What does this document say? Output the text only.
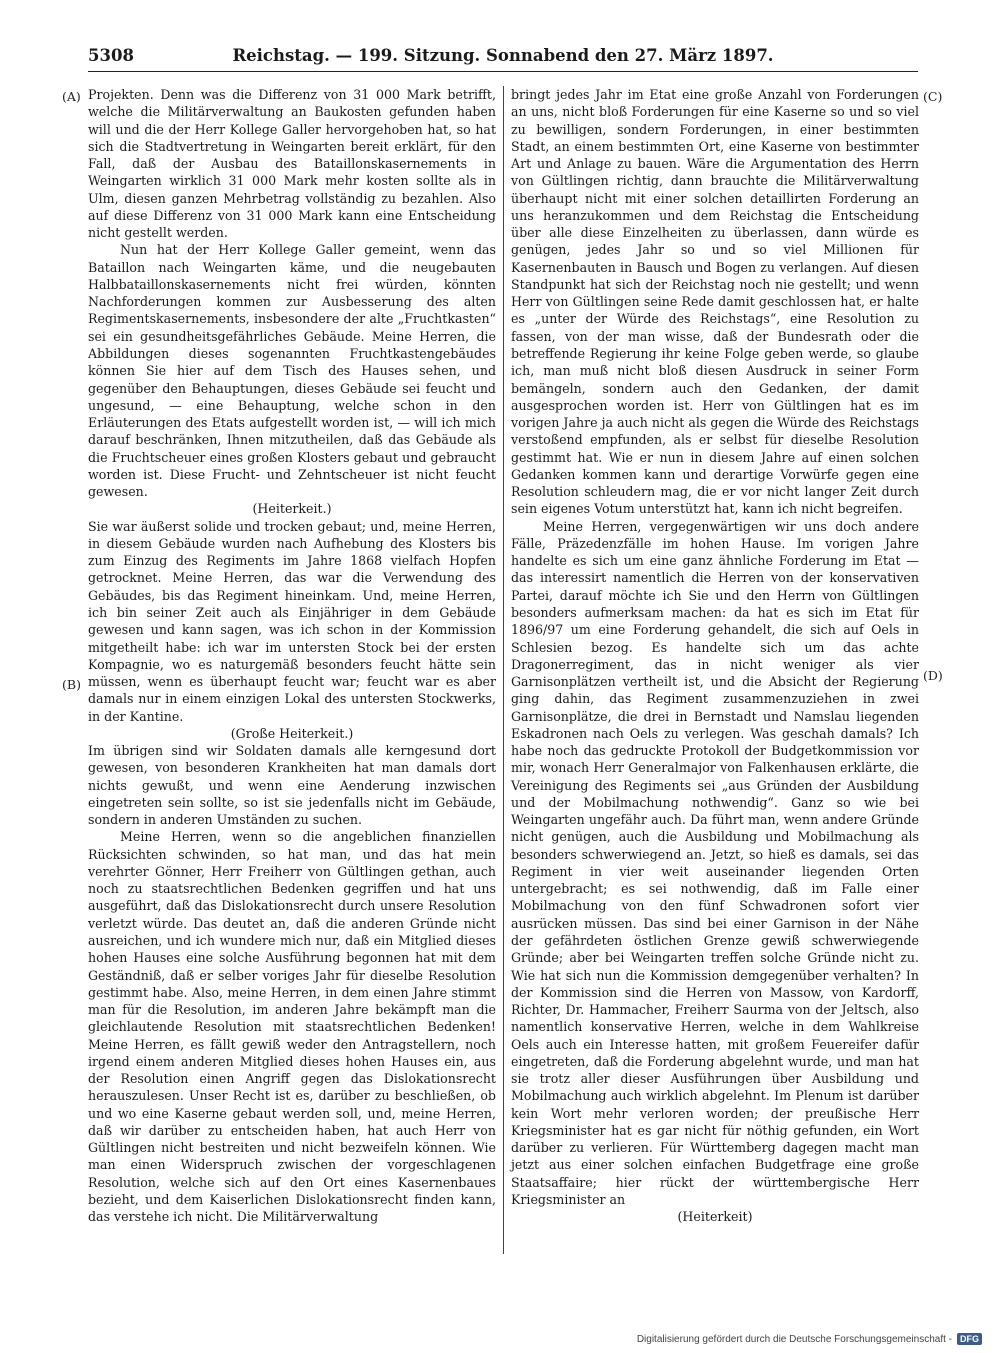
5308	Reichstag. — 199. Sitzung. Sonnabend den 27. März 1897.
(A)
(B)
(C)
(D)

Projekten. Denn was die Differenz von 31 000 Mark betrifft, welche die Militärverwaltung an Baukosten gefunden haben will und die der Herr Kollege Galler hervorgehoben hat, so hat sich die Stadtvertretung in Weingarten bereit erklärt, für den Fall, daß der Ausbau des Bataillonskasernements in Weingarten wirklich 31 000 Mark mehr kosten sollte als in Ulm, diesen ganzen Mehrbetrag vollständig zu bezahlen. Also auf diese Differenz von 31 000 Mark kann eine Entscheidung nicht gestellt werden.

Nun hat der Herr Kollege Galler gemeint, wenn das Bataillon nach Weingarten käme, und die neugebauten Halbbataillonskasernements nicht frei würden, könnten Nachforderungen kommen zur Ausbesserung des alten Regimentskasernements, insbesondere der alte „Fruchtkasten“ sei ein gesundheitsgefährliches Gebäude. Meine Herren, die Abbildungen dieses sogenannten Fruchtkastengebäudes können Sie hier auf dem Tisch des Hauses sehen, und gegenüber den Behauptungen, dieses Gebäude sei feucht und ungesund, — eine Behauptung, welche schon in den Erläuterungen des Etats aufgestellt worden ist, — will ich mich darauf beschränken, Ihnen mitzutheilen, daß das Gebäude als die Fruchtscheuer eines großen Klosters gebaut und gebraucht worden ist. Diese Frucht- und Zehntscheuer ist nicht feucht gewesen.

(Heiterkeit.)

Sie war äußerst solide und trocken gebaut; und, meine Herren, in diesem Gebäude wurden nach Aufhebung des Klosters bis zum Einzug des Regiments im Jahre 1868 vielfach Hopfen getrocknet. Meine Herren, das war die Verwendung des Gebäudes, bis das Regiment hineinkam. Und, meine Herren, ich bin seiner Zeit auch als Einjähriger in dem Gebäude gewesen und kann sagen, was ich schon in der Kommission mitgetheilt habe: ich war im untersten Stock bei der ersten Kompagnie, wo es naturgemäß besonders feucht hätte sein müssen, wenn es überhaupt feucht war; feucht war es aber damals nur in einem einzigen Lokal des untersten Stockwerks, in der Kantine.

(Große Heiterkeit.)

Im übrigen sind wir Soldaten damals alle kerngesund dort gewesen, von besonderen Krankheiten hat man damals dort nichts gewußt, und wenn eine Aenderung inzwischen eingetreten sein sollte, so ist sie jedenfalls nicht im Gebäude, sondern in anderen Umständen zu suchen.

Meine Herren, wenn so die angeblichen finanziellen Rücksichten schwinden, so hat man, und das hat mein verehrter Gönner, Herr Freiherr von Gültlingen gethan, auch noch zu staatsrechtlichen Bedenken gegriffen und hat uns ausgeführt, daß das Dislokationsrecht durch unsere Resolution verletzt würde. Das deutet an, daß die anderen Gründe nicht ausreichen, und ich wundere mich nur, daß ein Mitglied dieses hohen Hauses eine solche Ausführung begonnen hat mit dem Geständniß, daß er selber voriges Jahr für dieselbe Resolution gestimmt habe. Also, meine Herren, in dem einen Jahre stimmt man für die Resolution, im anderen Jahre bekämpft man die gleichlautende Resolution mit staatsrechtlichen Bedenken! Meine Herren, es fällt gewiß weder den Antragstellern, noch irgend einem anderen Mitglied dieses hohen Hauses ein, aus der Resolution einen Angriff gegen das Dislokationsrecht herauszulesen. Unser Recht ist es, darüber zu beschließen, ob und wo eine Kaserne gebaut werden soll, und, meine Herren, daß wir darüber zu entscheiden haben, hat auch Herr von Gültlingen nicht bestreiten und nicht bezweifeln können. Wie man einen Widerspruch zwischen der vorgeschlagenen Resolution, welche sich auf den Ort eines Kasernenbaues bezieht, und dem Kaiserlichen Dislokationsrecht finden kann, das verstehe ich nicht. Die Militärverwaltung

bringt jedes Jahr im Etat eine große Anzahl von Forderungen an uns, nicht bloß Forderungen für eine Kaserne so und so viel zu bewilligen, sondern Forderungen, in einer bestimmten Stadt, an einem bestimmten Ort, eine Kaserne von bestimmter Art und Anlage zu bauen. Wäre die Argumentation des Herrn von Gültlingen richtig, dann brauchte die Militärverwaltung überhaupt nicht mit einer solchen detaillirten Forderung an uns heranzukommen und dem Reichstag die Entscheidung über alle diese Einzelheiten zu überlassen, dann würde es genügen, jedes Jahr so und so viel Millionen für Kasernenbauten in Bausch und Bogen zu verlangen. Auf diesen Standpunkt hat sich der Reichstag noch nie gestellt; und wenn Herr von Gültlingen seine Rede damit geschlossen hat, er halte es „unter der Würde des Reichstags“, eine Resolution zu fassen, von der man wisse, daß der Bundesrath oder die betreffende Regierung ihr keine Folge geben werde, so glaube ich, man muß nicht bloß diesen Ausdruck in seiner Form bemängeln, sondern auch den Gedanken, der damit ausgesprochen worden ist. Herr von Gültlingen hat es im vorigen Jahre ja auch nicht als gegen die Würde des Reichstags verstoßend empfunden, als er selbst für dieselbe Resolution gestimmt hat. Wie er nun in diesem Jahre auf einen solchen Gedanken kommen kann und derartige Vorwürfe gegen eine Resolution schleudern mag, die er vor nicht langer Zeit durch sein eigenes Votum unterstützt hat, kann ich nicht begreifen.

Meine Herren, vergegenwärtigen wir uns doch andere Fälle, Präzedenzfälle im hohen Hause. Im vorigen Jahre handelte es sich um eine ganz ähnliche Forderung im Etat — das interessirt namentlich die Herren von der konservativen Partei, darauf möchte ich Sie und den Herrn von Gültlingen besonders aufmerksam machen: da hat es sich im Etat für 1896/97 um eine Forderung gehandelt, die sich auf Oels in Schlesien bezog. Es handelte sich um das achte Dragonerregiment, das in nicht weniger als vier Garnisonplätzen vertheilt ist, und die Absicht der Regierung ging dahin, das Regiment zusammenzuziehen in zwei Garnisonplätze, die drei in Bernstadt und Namslau liegenden Eskadronen nach Oels zu verlegen. Was geschah damals? Ich habe noch das gedruckte Protokoll der Budgetkommission vor mir, wonach Herr Generalmajor von Falkenhausen erklärte, die Vereinigung des Regiments sei „aus Gründen der Ausbildung und der Mobilmachung nothwendig“. Ganz so wie bei Weingarten ungefähr auch. Da führt man, wenn andere Gründe nicht genügen, auch die Ausbildung und Mobilmachung als besonders schwerwiegend an. Jetzt, so hieß es damals, sei das Regiment in vier weit auseinander liegenden Orten untergebracht; es sei nothwendig, daß im Falle einer Mobilmachung von den fünf Schwadronen sofort vier ausrücken müssen. Das sind bei einer Garnison in der Nähe der gefährdeten östlichen Grenze gewiß schwerwiegende Gründe; aber bei Weingarten treffen solche Gründe nicht zu. Wie hat sich nun die Kommission demgegenüber verhalten? In der Kommission sind die Herren von Massow, von Kardorff, Richter, Dr. Hammacher, Freiherr Saurma von der Jeltsch, also namentlich konservative Herren, welche in dem Wahlkreise Oels auch ein Interesse hatten, mit großem Feuereifer dafür eingetreten, daß die Forderung abgelehnt wurde, und man hat sie trotz aller dieser Ausführungen über Ausbildung und Mobilmachung auch wirklich abgelehnt. Im Plenum ist darüber kein Wort mehr verloren worden; der preußische Herr Kriegsminister hat es gar nicht für nöthig gefunden, ein Wort darüber zu verlieren. Für Württemberg dagegen macht man jetzt aus einer solchen einfachen Budgetfrage eine große Staatsaffaire; hier rückt der württembergische Herr Kriegsminister an

(Heiterkeit)

Digitalisierung gefördert durch die Deutsche Forschungsgemeinschaft - DFG
